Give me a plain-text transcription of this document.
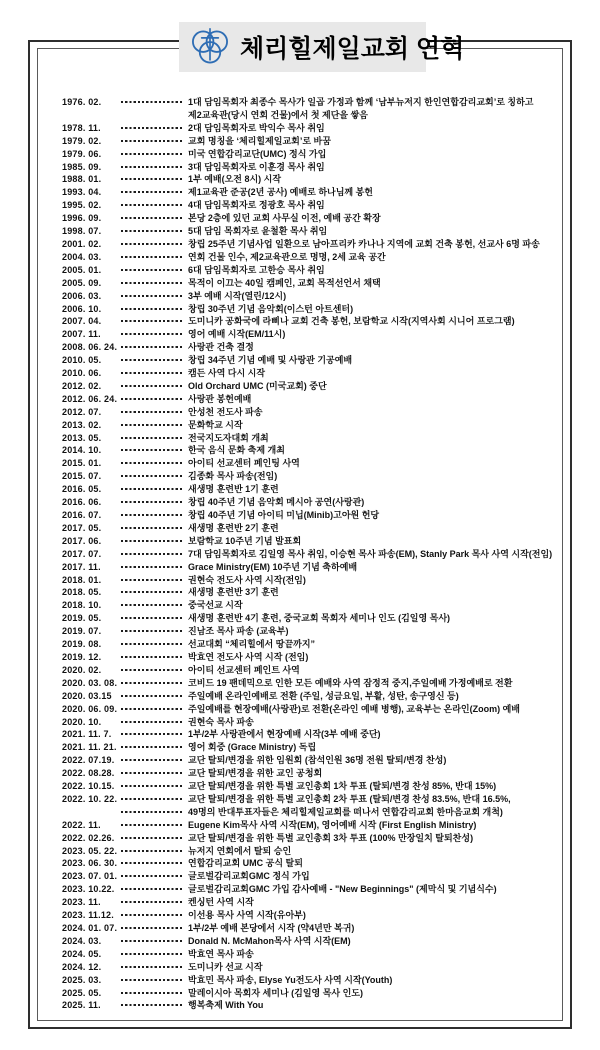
체리힐제일교회 연혁
1976. 02.	1대 담임목회자 최종수 목사가 일곱 가정과 함께 ‘남부뉴저지 한인연합감리교회’로 칭하고
제2교육관(당시 연회 건물)에서 첫 제단을 쌓음
1978. 11.	2대 담임목회자로 박익수 목사 취임
1979. 02.	교회 명칭을 ‘체리힐제일교회’로 바꿈
1979. 06.	미국 연합감리교단(UMC) 정식 가입
1985. 09.	3대 담임목회자로 이훈경 목사 취임
1988. 01.	1부 예배(오전 8시) 시작
1993. 04.	제1교육관 준공(2년 공사) 예배로 하나님께 봉헌
1995. 02.	4대 담임목회자로 정광호 목사 취임
1996. 09.	본당 2층에 있던 교회 사무실 이전, 예배 공간 확장
1998. 07.	5대 담임 목회자로 윤철환 목사 취임
2001. 02.	창립 25주년 기념사업 일환으로 남아프리카 카나나 지역에 교회 건축 봉헌, 선교사 6명 파송
2004. 03.	연회 건물 인수, 제2교육관으로 명명, 2세 교육 공간
2005. 01.	6대 담임목회자로 고한승 목사 취임
2005. 09.	목적이 이끄는 40일 캠페인, 교회 목적선언서 채택
2006. 03.	3부 예배 시작(열린/12시)
2006. 10.	창립 30주년 기념 음악회(이스턴 아트센터)
2007. 04.	도미니카 공화국에 라삐나 교회 건축 봉헌, 보람학교 시작(지역사회 시니어 프로그램)
2007. 11.	영어 예배 시작(EM/11시)
2008. 06. 24.	사랑관 건축 결정
2010. 05.	창립 34주년 기념 예배 및 사랑관 기공예배
2010. 06.	캠든 사역 다시 시작
2012. 02.	Old Orchard UMC (미국교회) 중단
2012. 06. 24.	사랑관 봉헌예배
2012. 07.	안성천 전도사 파송
2013. 02.	문화학교 시작
2013. 05.	전국지도자대회 개최
2014. 10.	한국 음식 문화 축제 개최
2015. 01.	아이티 선교센터 페인팅 사역
2015. 07.	김종화 목사 파송(전임)
2016. 05.	새생명 훈련반 1기 훈련
2016. 06.	창립 40주년 기념 음악회 메시아 공연(사랑관)
2016. 07.	창립 40주년 기념 아이티 미닙(Minib)고아원 헌당
2017. 05.	새생명 훈련반 2기 훈련
2017. 06.	보람학교 10주년 기념 발표회
2017. 07.	7대 담임목회자로 김일영 목사 취임, 이승현 목사 파송(EM), Stanly Park 목사 사역 시작(전임)
2017. 11.	Grace Ministry(EM) 10주년 기념 축하예배
2018. 01.	권현숙 전도사 사역 시작(전임)
2018. 05.	새생명 훈련반 3기 훈련
2018. 10.	중국선교 시작
2019. 05.	새생명 훈련반 4기 훈련, 중국교회 목회자 세미나 인도 (김일영 목사)
2019. 07.	진남조 목사 파송 (교육부)
2019. 08.	선교대회 “체리힐에서 땅끝까지”
2019. 12.	박효연 전도사 사역 시작 (전임)
2020. 02.	아이티 선교센터 페인트 사역
2020. 03. 08.	코비드 19 팬데믹으로 인한 모든 예배와 사역 잠정적 중지,주일예배 가정예배로 전환
2020. 03.15	주일예배 온라인예배로 전환 (주일, 성금요일, 부활, 성탄, 송구영신 등)
2020. 06. 09.	주일예배를 현장예배(사랑관)로 전환(온라인 예배 병행), 교육부는 온라인(Zoom) 예배
2020. 10.	권현숙 목사 파송
2021. 11. 7.	1부/2부 사랑관에서 현장예배 시작(3부 예배 중단)
2021. 11. 21.	영어 회중 (Grace Ministry) 독립
2022. 07.19.	교단 탈퇴/변경을 위한 임원회 (참석인원 36명 전원 탈퇴/변경 찬성)
2022. 08.28.	교단 탈퇴/변경을 위한 교인 공청회
2022. 10.15.	교단 탈퇴/변경을 위한 특별 교인총회 1차 투표 (탈퇴/변경 찬성 85%, 반대 15%)
2022. 10. 22.	교단 탈퇴/변경을 위한 특별 교인총회 2차 투표 (탈퇴/변경 찬성 83.5%, 반대 16.5%,
49명의 반대투표자들은 체리힐제일교회를 떠나서 연합감리교회 한마음교회 개척)
2022. 11.	Eugene Kim목사 사역 시작(EM), 영어예배 시작 (First English Ministry)
2022. 02.26.	교단 탈퇴/변경을 위한 특별 교인총회 3차 투표 (100% 만장일치 탈퇴찬성)
2023. 05. 22.	뉴저지 연회에서 탈퇴 승인
2023. 06. 30.	연합감리교회 UMC 공식 탈퇴
2023. 07. 01.	글로벌감리교회GMC 정식 가입
2023. 10.22.	글로벌감리교회GMC 가입 감사예배 - "New Beginnings" (제막식 및 기념식수)
2023. 11.	켄싱턴 사역 시작
2023. 11.12.	이선용 목사 사역 시작(유아부)
2024. 01. 07.	1부/2부 예배 본당에서 시작 (약4년만 복귀)
2024. 03.	Donald N. McMahon목사 사역 시작(EM)
2024. 05.	박효연 목사 파송
2024. 12.	도미니카 선교 시작
2025. 03.	박효민 목사 파송, Elyse Yu전도사 사역 시작(Youth)
2025. 05.	말레이시아 목회자 세미나 (김일영 목사 인도)
2025. 11.	행복축제 With You
